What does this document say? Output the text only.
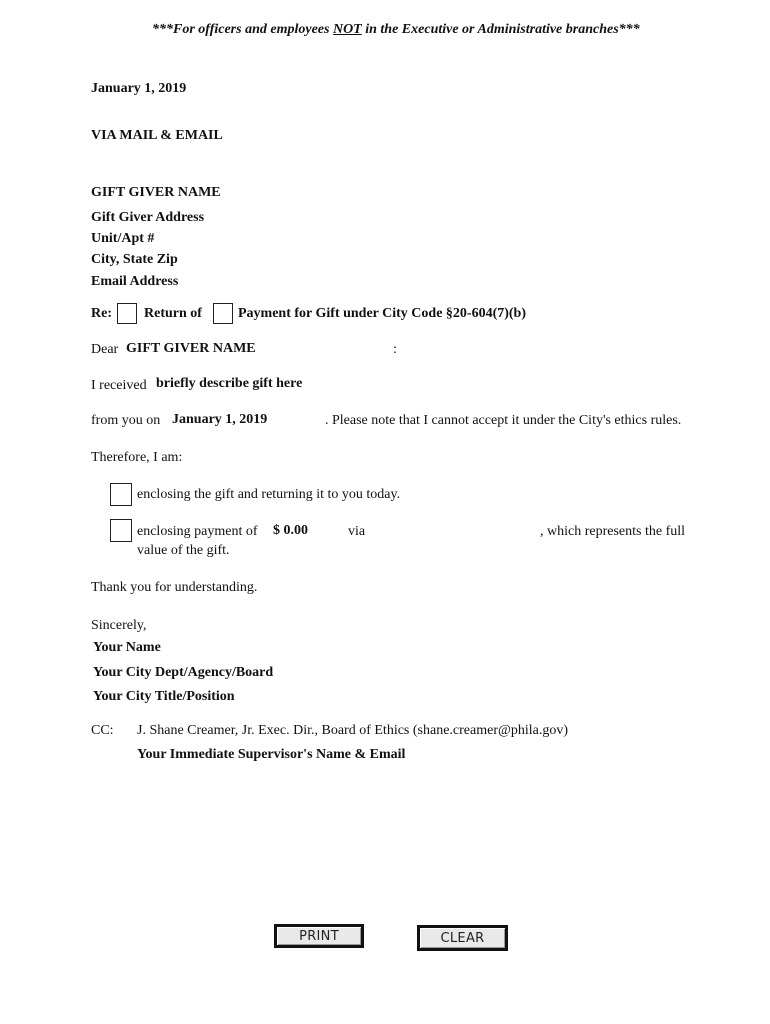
***For officers and employees NOT in the Executive or Administrative branches***
January 1, 2019
VIA MAIL & EMAIL
GIFT GIVER NAME
Gift Giver Address
Unit/Apt #
City, State Zip
Email Address
Re: Return of	Payment for Gift under City Code §20-604(7)(b)
Dear
GIFT GIVER NAME	:
I received
briefly describe gift here
from you on
January 1, 2019	. Please note that I cannot accept it under the City's ethics rules.
Therefore, I am:
enclosing the gift and returning it to you today.
enclosing payment of
$ 0.00	via	, which represents the full
value of the gift.
Thank you for understanding.
Sincerely,
Your Name
Your City Dept/Agency/Board
Your City Title/Position
CC: J. Shane Creamer, Jr. Exec. Dir., Board of Ethics (shane.creamer@phila.gov)
Your Immediate Supervisor's Name & Email
PRINT	CLEAR
